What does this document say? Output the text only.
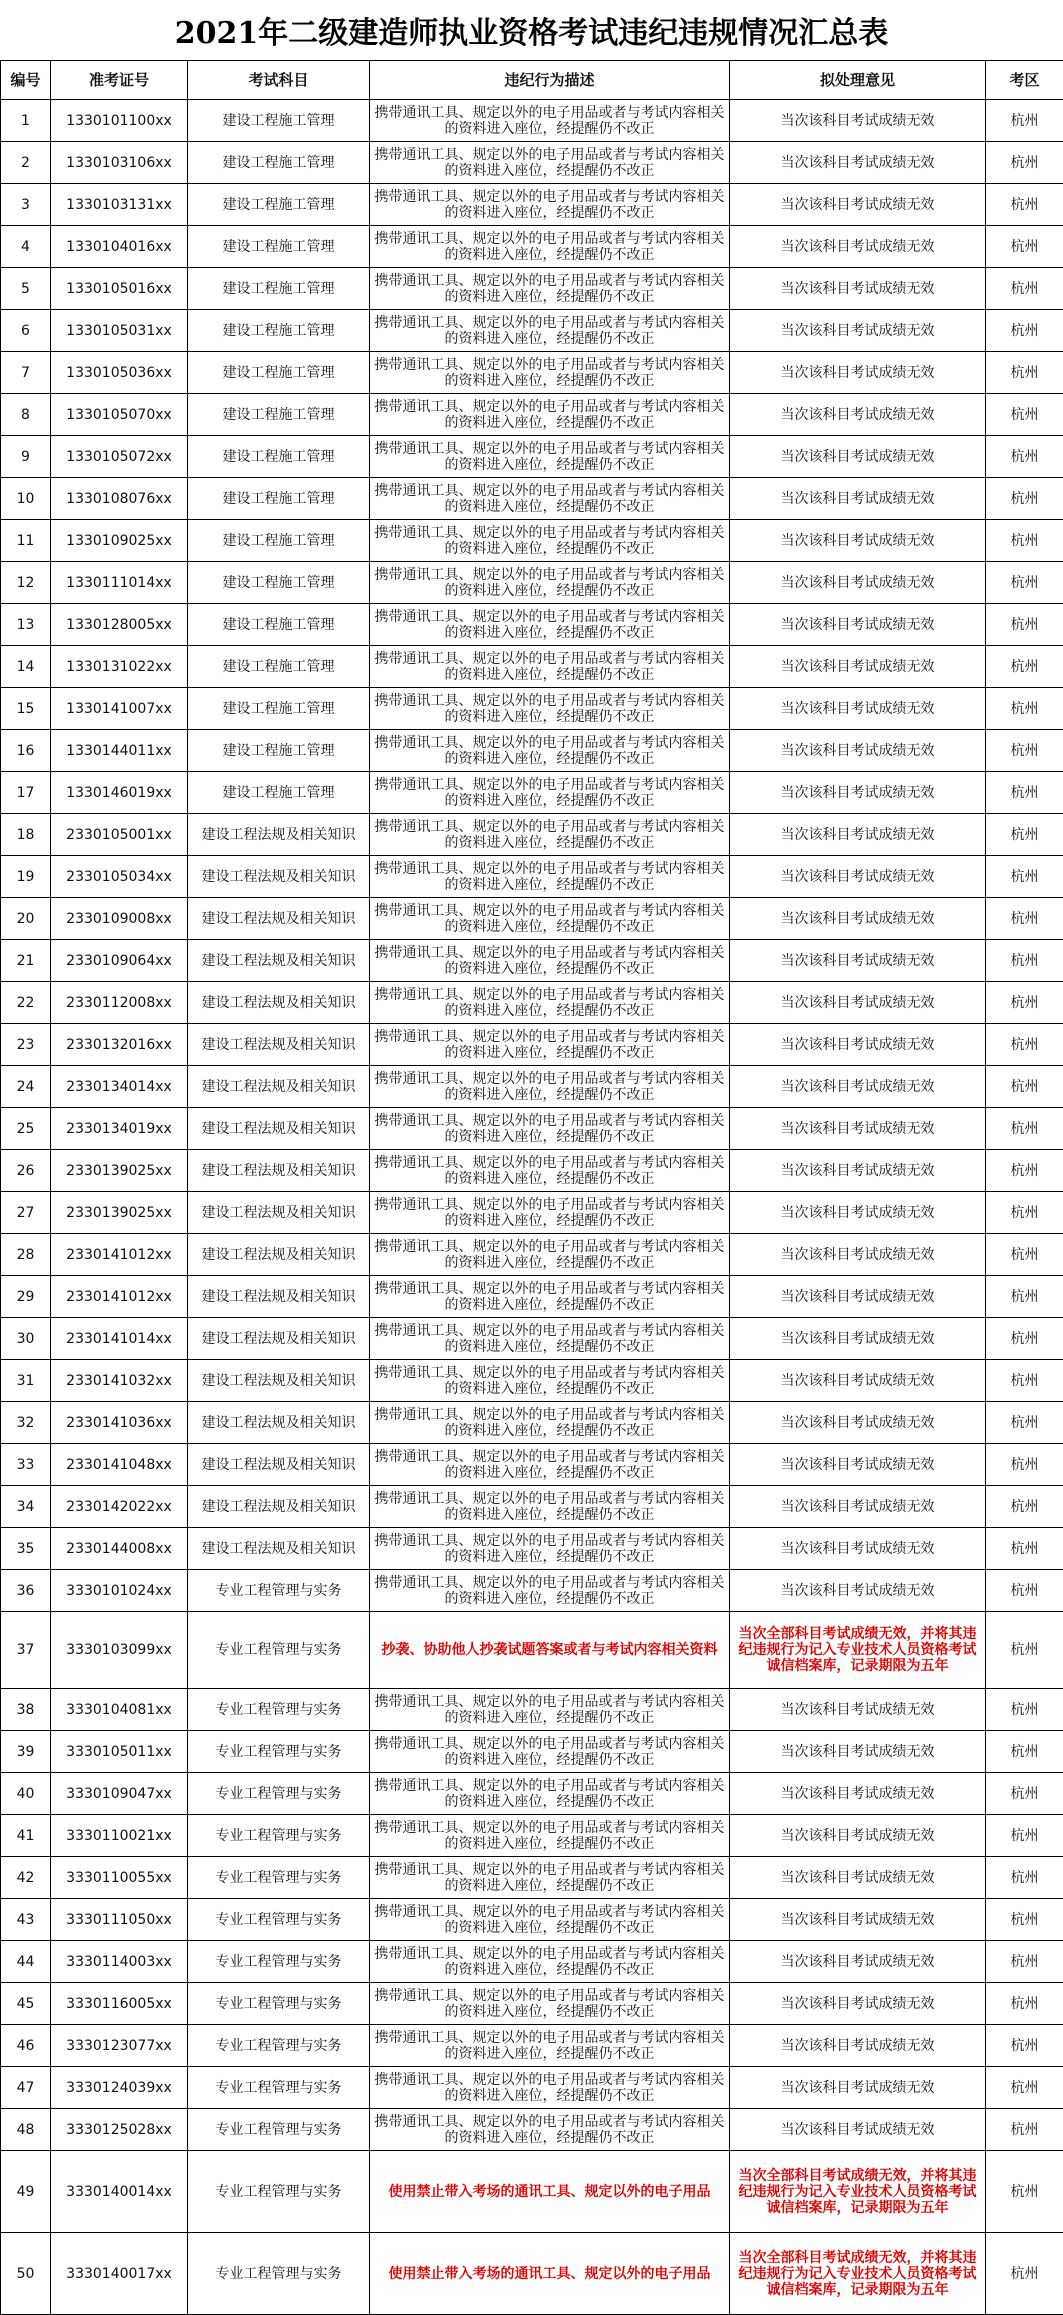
2021年二级建造师执业资格考试违纪违规情况汇总表
编号	准考证号	考试科目	违纪行为描述	拟处理意见	考区
1	1330101100xx	建设工程施工管理	携带通讯工具、规定以外的电子用品或者与考试内容相关的资料进入座位，经提醒仍不改正	当次该科目考试成绩无效	杭州
2	1330103106xx	建设工程施工管理	携带通讯工具、规定以外的电子用品或者与考试内容相关的资料进入座位，经提醒仍不改正	当次该科目考试成绩无效	杭州
3	1330103131xx	建设工程施工管理	携带通讯工具、规定以外的电子用品或者与考试内容相关的资料进入座位，经提醒仍不改正	当次该科目考试成绩无效	杭州
4	1330104016xx	建设工程施工管理	携带通讯工具、规定以外的电子用品或者与考试内容相关的资料进入座位，经提醒仍不改正	当次该科目考试成绩无效	杭州
5	1330105016xx	建设工程施工管理	携带通讯工具、规定以外的电子用品或者与考试内容相关的资料进入座位，经提醒仍不改正	当次该科目考试成绩无效	杭州
6	1330105031xx	建设工程施工管理	携带通讯工具、规定以外的电子用品或者与考试内容相关的资料进入座位，经提醒仍不改正	当次该科目考试成绩无效	杭州
7	1330105036xx	建设工程施工管理	携带通讯工具、规定以外的电子用品或者与考试内容相关的资料进入座位，经提醒仍不改正	当次该科目考试成绩无效	杭州
8	1330105070xx	建设工程施工管理	携带通讯工具、规定以外的电子用品或者与考试内容相关的资料进入座位，经提醒仍不改正	当次该科目考试成绩无效	杭州
9	1330105072xx	建设工程施工管理	携带通讯工具、规定以外的电子用品或者与考试内容相关的资料进入座位，经提醒仍不改正	当次该科目考试成绩无效	杭州
10	1330108076xx	建设工程施工管理	携带通讯工具、规定以外的电子用品或者与考试内容相关的资料进入座位，经提醒仍不改正	当次该科目考试成绩无效	杭州
11	1330109025xx	建设工程施工管理	携带通讯工具、规定以外的电子用品或者与考试内容相关的资料进入座位，经提醒仍不改正	当次该科目考试成绩无效	杭州
12	1330111014xx	建设工程施工管理	携带通讯工具、规定以外的电子用品或者与考试内容相关的资料进入座位，经提醒仍不改正	当次该科目考试成绩无效	杭州
13	1330128005xx	建设工程施工管理	携带通讯工具、规定以外的电子用品或者与考试内容相关的资料进入座位，经提醒仍不改正	当次该科目考试成绩无效	杭州
14	1330131022xx	建设工程施工管理	携带通讯工具、规定以外的电子用品或者与考试内容相关的资料进入座位，经提醒仍不改正	当次该科目考试成绩无效	杭州
15	1330141007xx	建设工程施工管理	携带通讯工具、规定以外的电子用品或者与考试内容相关的资料进入座位，经提醒仍不改正	当次该科目考试成绩无效	杭州
16	1330144011xx	建设工程施工管理	携带通讯工具、规定以外的电子用品或者与考试内容相关的资料进入座位，经提醒仍不改正	当次该科目考试成绩无效	杭州
17	1330146019xx	建设工程施工管理	携带通讯工具、规定以外的电子用品或者与考试内容相关的资料进入座位，经提醒仍不改正	当次该科目考试成绩无效	杭州
18	2330105001xx	建设工程法规及相关知识	携带通讯工具、规定以外的电子用品或者与考试内容相关的资料进入座位，经提醒仍不改正	当次该科目考试成绩无效	杭州
19	2330105034xx	建设工程法规及相关知识	携带通讯工具、规定以外的电子用品或者与考试内容相关的资料进入座位，经提醒仍不改正	当次该科目考试成绩无效	杭州
20	2330109008xx	建设工程法规及相关知识	携带通讯工具、规定以外的电子用品或者与考试内容相关的资料进入座位，经提醒仍不改正	当次该科目考试成绩无效	杭州
21	2330109064xx	建设工程法规及相关知识	携带通讯工具、规定以外的电子用品或者与考试内容相关的资料进入座位，经提醒仍不改正	当次该科目考试成绩无效	杭州
22	2330112008xx	建设工程法规及相关知识	携带通讯工具、规定以外的电子用品或者与考试内容相关的资料进入座位，经提醒仍不改正	当次该科目考试成绩无效	杭州
23	2330132016xx	建设工程法规及相关知识	携带通讯工具、规定以外的电子用品或者与考试内容相关的资料进入座位，经提醒仍不改正	当次该科目考试成绩无效	杭州
24	2330134014xx	建设工程法规及相关知识	携带通讯工具、规定以外的电子用品或者与考试内容相关的资料进入座位，经提醒仍不改正	当次该科目考试成绩无效	杭州
25	2330134019xx	建设工程法规及相关知识	携带通讯工具、规定以外的电子用品或者与考试内容相关的资料进入座位，经提醒仍不改正	当次该科目考试成绩无效	杭州
26	2330139025xx	建设工程法规及相关知识	携带通讯工具、规定以外的电子用品或者与考试内容相关的资料进入座位，经提醒仍不改正	当次该科目考试成绩无效	杭州
27	2330139025xx	建设工程法规及相关知识	携带通讯工具、规定以外的电子用品或者与考试内容相关的资料进入座位，经提醒仍不改正	当次该科目考试成绩无效	杭州
28	2330141012xx	建设工程法规及相关知识	携带通讯工具、规定以外的电子用品或者与考试内容相关的资料进入座位，经提醒仍不改正	当次该科目考试成绩无效	杭州
29	2330141012xx	建设工程法规及相关知识	携带通讯工具、规定以外的电子用品或者与考试内容相关的资料进入座位，经提醒仍不改正	当次该科目考试成绩无效	杭州
30	2330141014xx	建设工程法规及相关知识	携带通讯工具、规定以外的电子用品或者与考试内容相关的资料进入座位，经提醒仍不改正	当次该科目考试成绩无效	杭州
31	2330141032xx	建设工程法规及相关知识	携带通讯工具、规定以外的电子用品或者与考试内容相关的资料进入座位，经提醒仍不改正	当次该科目考试成绩无效	杭州
32	2330141036xx	建设工程法规及相关知识	携带通讯工具、规定以外的电子用品或者与考试内容相关的资料进入座位，经提醒仍不改正	当次该科目考试成绩无效	杭州
33	2330141048xx	建设工程法规及相关知识	携带通讯工具、规定以外的电子用品或者与考试内容相关的资料进入座位，经提醒仍不改正	当次该科目考试成绩无效	杭州
34	2330142022xx	建设工程法规及相关知识	携带通讯工具、规定以外的电子用品或者与考试内容相关的资料进入座位，经提醒仍不改正	当次该科目考试成绩无效	杭州
35	2330144008xx	建设工程法规及相关知识	携带通讯工具、规定以外的电子用品或者与考试内容相关的资料进入座位，经提醒仍不改正	当次该科目考试成绩无效	杭州
36	3330101024xx	专业工程管理与实务	携带通讯工具、规定以外的电子用品或者与考试内容相关的资料进入座位，经提醒仍不改正	当次该科目考试成绩无效	杭州
37	3330103099xx	专业工程管理与实务	抄袭、协助他人抄袭试题答案或者与考试内容相关资料	当次全部科目考试成绩无效，并将其违纪违规行为记入专业技术人员资格考试诚信档案库，记录期限为五年	杭州
38	3330104081xx	专业工程管理与实务	携带通讯工具、规定以外的电子用品或者与考试内容相关的资料进入座位，经提醒仍不改正	当次该科目考试成绩无效	杭州
39	3330105011xx	专业工程管理与实务	携带通讯工具、规定以外的电子用品或者与考试内容相关的资料进入座位，经提醒仍不改正	当次该科目考试成绩无效	杭州
40	3330109047xx	专业工程管理与实务	携带通讯工具、规定以外的电子用品或者与考试内容相关的资料进入座位，经提醒仍不改正	当次该科目考试成绩无效	杭州
41	3330110021xx	专业工程管理与实务	携带通讯工具、规定以外的电子用品或者与考试内容相关的资料进入座位，经提醒仍不改正	当次该科目考试成绩无效	杭州
42	3330110055xx	专业工程管理与实务	携带通讯工具、规定以外的电子用品或者与考试内容相关的资料进入座位，经提醒仍不改正	当次该科目考试成绩无效	杭州
43	3330111050xx	专业工程管理与实务	携带通讯工具、规定以外的电子用品或者与考试内容相关的资料进入座位，经提醒仍不改正	当次该科目考试成绩无效	杭州
44	3330114003xx	专业工程管理与实务	携带通讯工具、规定以外的电子用品或者与考试内容相关的资料进入座位，经提醒仍不改正	当次该科目考试成绩无效	杭州
45	3330116005xx	专业工程管理与实务	携带通讯工具、规定以外的电子用品或者与考试内容相关的资料进入座位，经提醒仍不改正	当次该科目考试成绩无效	杭州
46	3330123077xx	专业工程管理与实务	携带通讯工具、规定以外的电子用品或者与考试内容相关的资料进入座位，经提醒仍不改正	当次该科目考试成绩无效	杭州
47	3330124039xx	专业工程管理与实务	携带通讯工具、规定以外的电子用品或者与考试内容相关的资料进入座位，经提醒仍不改正	当次该科目考试成绩无效	杭州
48	3330125028xx	专业工程管理与实务	携带通讯工具、规定以外的电子用品或者与考试内容相关的资料进入座位，经提醒仍不改正	当次该科目考试成绩无效	杭州
49	3330140014xx	专业工程管理与实务	使用禁止带入考场的通讯工具、规定以外的电子用品	当次全部科目考试成绩无效，并将其违纪违规行为记入专业技术人员资格考试诚信档案库，记录期限为五年	杭州
50	3330140017xx	专业工程管理与实务	使用禁止带入考场的通讯工具、规定以外的电子用品	当次全部科目考试成绩无效，并将其违纪违规行为记入专业技术人员资格考试诚信档案库，记录期限为五年	杭州
